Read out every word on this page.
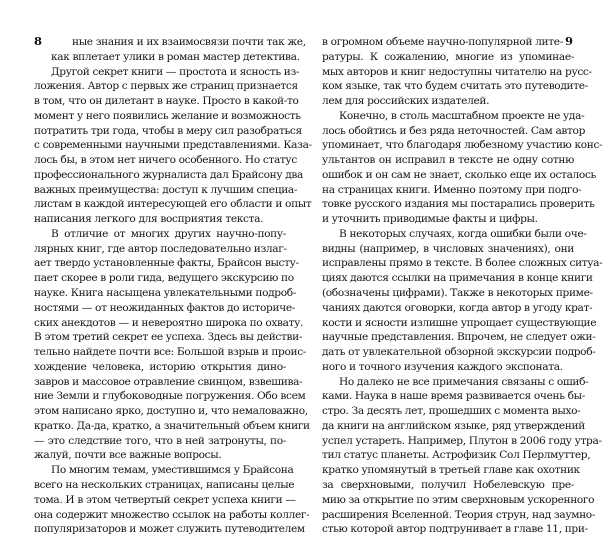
8	9
ные знания и их взаимосвязи почти так же,
как вплетает улики в роман мастер детектива.
Другой секрет книги — простота и ясность из-
ложения. Автор с первых же страниц признается
в том, что он дилетант в науке. Просто в какой-то
момент у него появились желание и возможность
потратить три года, чтобы в меру сил разобраться
с современными научными представлениями. Каза-
лось бы, в этом нет ничего особенного. Но статус
профессионального журналиста дал Брайсону два
важных преимущества: доступ к лучшим специа-
листам в каждой интересующей его области и опыт
написания легкого для восприятия текста.
В отличие от многих других научно-попу-
лярных книг, где автор последовательно излаг-
ает твердо установленные факты, Брайсон высту-
пает скорее в роли гида, ведущего экскурсию по
науке. Книга насыщена увлекательными подроб-
ностями — от неожиданных фактов до историче-
ских анекдотов — и невероятно широка по охвату.
В этом третий секрет ее успеха. Здесь вы действи-
тельно найдете почти все: Большой взрыв и проис-
хождение человека, историю открытия дино-
завров и массовое отравление свинцом, взвешива-
ние Земли и глубоководные погружения. Обо всем
этом написано ярко, доступно и, что немаловажно,
кратко. Да-да, кратко, а значительный объем книги
— это следствие того, что в ней затронуты, по-
жалуй, почти все важные вопросы.
По многим темам, уместившимся у Брайсона
всего на нескольких страницах, написаны целые
тома. И в этом четвертый секрет успеха книги —
она содержит множество ссылок на работы коллег-
популяризаторов и может служить путеводителем
в огромном объеме научно-популярной лите-
ратуры. К сожалению, многие из упоминае-
мых авторов и книг недоступны читателю на русс-
ком языке, так что будем считать это путеводите-
лем для российских издателей.
Конечно, в столь масштабном проекте не уда-
лось обойтись и без ряда неточностей. Сам автор
упоминает, что благодаря любезному участию конс-
ультантов он исправил в тексте не одну сотню
ошибок и он сам не знает, сколько еще их осталось
на страницах книги. Именно поэтому при подго-
товке русского издания мы постарались проверить
и уточнить приводимые факты и цифры.
В некоторых случаях, когда ошибки были оче-
видны (например, в числовых значениях), они
исправлены прямо в тексте. В более сложных ситуа-
циях даются ссылки на примечания в конце книги
(обозначены цифрами). Также в некоторых приме-
чаниях даются оговорки, когда автор в угоду крат-
кости и ясности излишне упрощает существующие
научные представления. Впрочем, не следует ожи-
дать от увлекательной обзорной экскурсии подроб-
ного и точного изучения каждого экспоната.
Но далеко не все примечания связаны с ошиб-
ками. Наука в наше время развивается очень бы-
стро. За десять лет, прошедших с момента выхо-
да книги на английском языке, ряд утверждений
успел устареть. Например, Плутон в 2006 году утра-
тил статус планеты. Астрофизик Сол Перлмуттер,
кратко упомянутый в третьей главе как охотник
за сверхновыми, получил Нобелевскую пре-
мию за открытие по этим сверхновым ускоренного
расширения Вселенной. Теория струн, над заумно-
стью которой автор подтрунивает в главе 11, при-
